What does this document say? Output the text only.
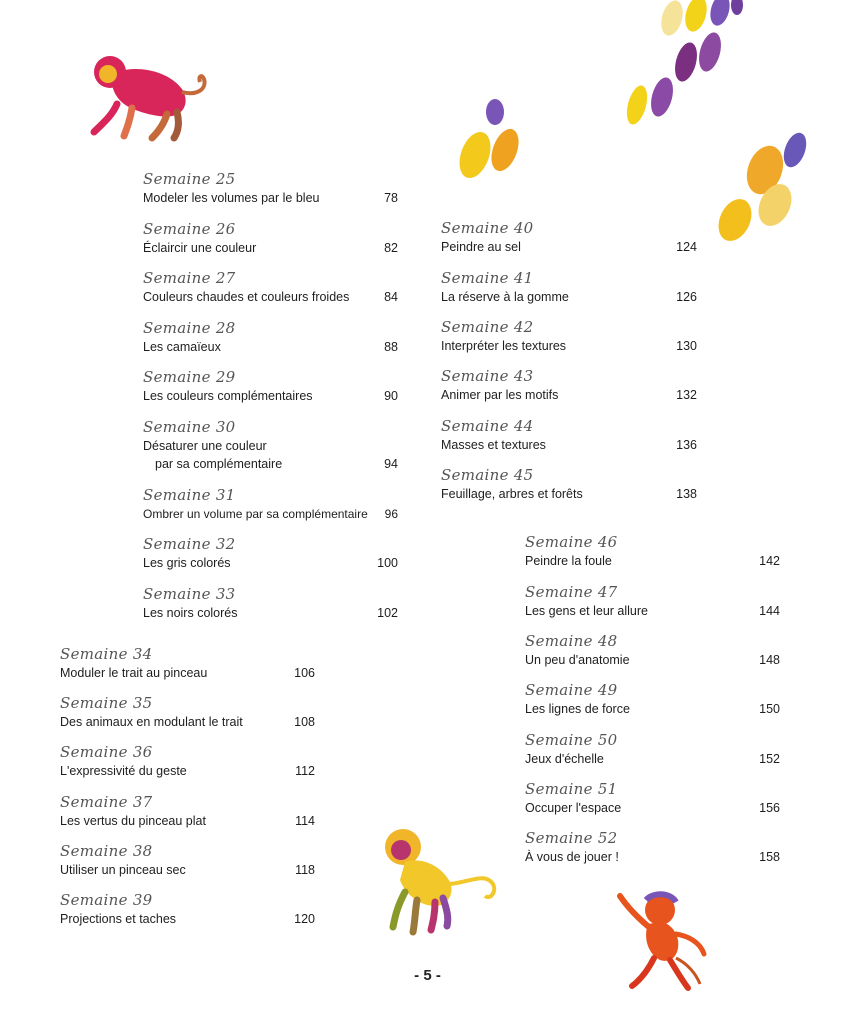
Semaine 25
Modeler les volumes par le bleu	78
Semaine 26
Éclaircir une couleur	82
Semaine 27
Couleurs chaudes et couleurs froides	84
Semaine 28
Les camaïeux	88
Semaine 29
Les couleurs complémentaires	90
Semaine 30
Désaturer une couleur
par sa complémentaire	94
Semaine 31
Ombrer un volume par sa complémentaire 96
Semaine 32
Les gris colorés	100
Semaine 33
Les noirs colorés	102
Semaine 34
Moduler le trait au pinceau	106
Semaine 35
Des animaux en modulant le trait	108
Semaine 36
L'expressivité du geste	112
Semaine 37
Les vertus du pinceau plat	114
Semaine 38
Utiliser un pinceau sec	118
Semaine 39
Projections et taches	120
Semaine 40
Peindre au sel	124
Semaine 41
La réserve à la gomme	126
Semaine 42
Interpréter les textures	130
Semaine 43
Animer par les motifs	132
Semaine 44
Masses et textures	136
Semaine 45
Feuillage, arbres et forêts	138
Semaine 46
Peindre la foule	142
Semaine 47
Les gens et leur allure	144
Semaine 48
Un peu d'anatomie	148
Semaine 49
Les lignes de force	150
Semaine 50
Jeux d'échelle	152
Semaine 51
Occuper l'espace	156
Semaine 52
À vous de jouer !	158
- 5 -
